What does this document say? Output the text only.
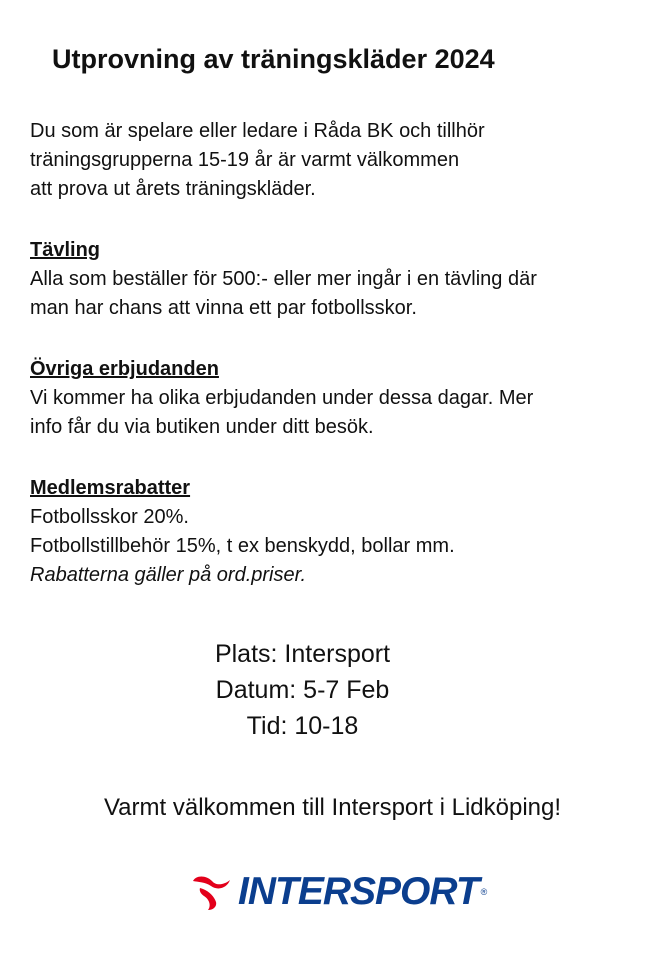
Utprovning av träningskläder 2024
Du som är spelare eller ledare i Råda BK och tillhör
träningsgrupperna 15-19 år är varmt välkommen
att prova ut årets träningskläder.
Tävling
Alla som beställer för 500:- eller mer ingår i en tävling där
man har chans att vinna ett par fotbollsskor.
Övriga erbjudanden
Vi kommer ha olika erbjudanden under dessa dagar. Mer
info får du via butiken under ditt besök.
Medlemsrabatter
Fotbollsskor 20%.
Fotbollstillbehör 15%, t ex benskydd, bollar mm.
Rabatterna gäller på ord.priser.
Plats: Intersport
Datum: 5-7 Feb
Tid: 10-18
Varmt välkommen till Intersport i Lidköping!
INTERSPORT ®
